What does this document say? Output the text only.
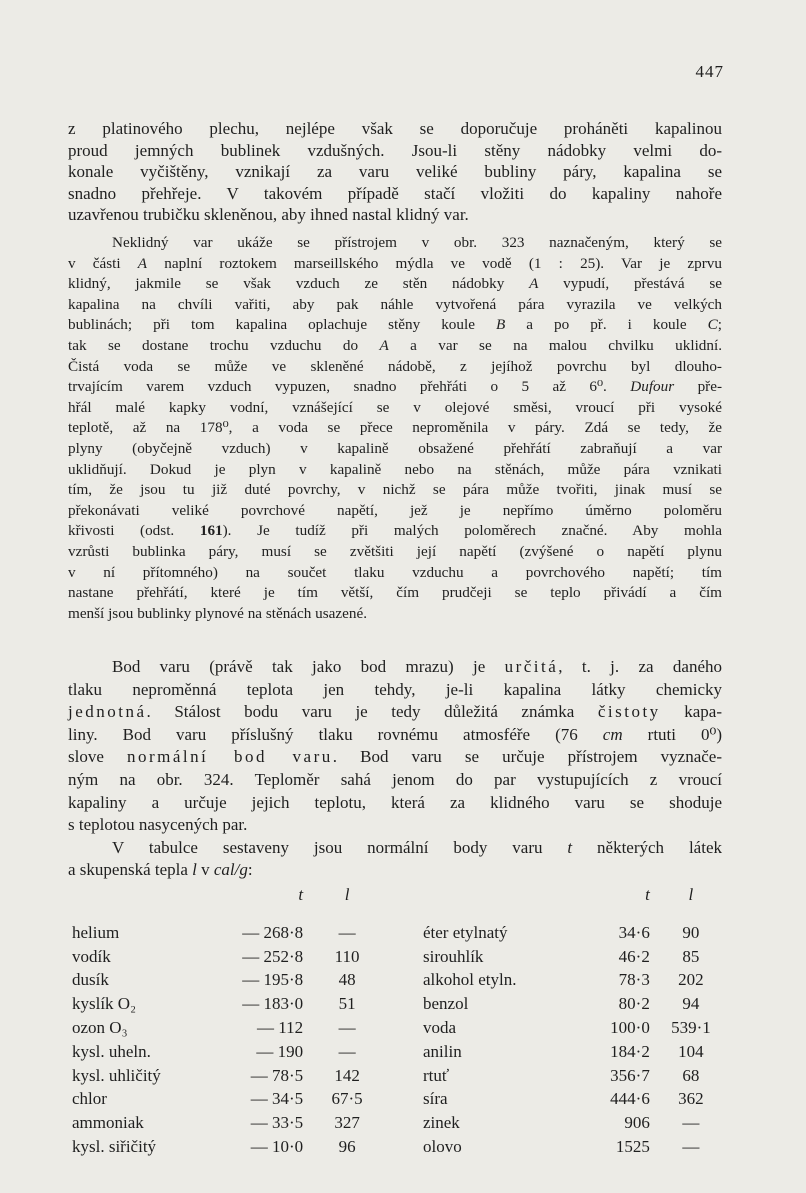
447
z platinového plechu, nejlépe však se doporučuje proháněti kapalinou
proud jemných bublinek vzdušných. Jsou-li stěny nádobky velmi do-
konale vyčištěny, vznikají za varu veliké bubliny páry, kapalina se
snadno přehřeje. V takovém případě stačí vložiti do kapaliny nahoře
uzavřenou trubičku skleněnou, aby ihned nastal klidný var.
Neklidný var ukáže se přístrojem v obr. 323 naznačeným, který se
v části A naplní roztokem marseillského mýdla ve vodě (1 : 25). Var je zprvu
klidný, jakmile se však vzduch ze stěn nádobky A vypudí, přestává se
kapalina na chvíli vařiti, aby pak náhle vytvořená pára vyrazila ve velkých
bublinách; při tom kapalina oplachuje stěny koule B a po př. i koule C;
tak se dostane trochu vzduchu do A a var se na malou chvilku uklidní.
Čistá voda se může ve skleněné nádobě, z jejíhož povrchu byl dlouho-
trvajícím varem vzduch vypuzen, snadno přehřáti o 5 až 6⁰. Dufour pře-
hřál malé kapky vodní, vznášející se v olejové směsi, vroucí při vysoké
teplotě, až na 178⁰, a voda se přece neproměnila v páry. Zdá se tedy, že
plyny (obyčejně vzduch) v kapalině obsažené přehřátí zabraňují a var
uklidňují. Dokud je plyn v kapalině nebo na stěnách, může pára vznikati
tím, že jsou tu již duté povrchy, v nichž se pára může tvořiti, jinak musí se
překonávati veliké povrchové napětí, jež je nepřímo úměrno poloměru
křivosti (odst. 161). Je tudíž při malých poloměrech značné. Aby mohla
vzrůsti bublinka páry, musí se zvětšiti její napětí (zvýšené o napětí plynu
v ní přítomného) na součet tlaku vzduchu a povrchového napětí; tím
nastane přehřátí, které je tím větší, čím prudčeji se teplo přivádí a čím
menší jsou bublinky plynové na stěnách usazené.
Bod varu (právě tak jako bod mrazu) je určitá, t. j. za daného
tlaku neproměnná teplota jen tehdy, je-li kapalina látky chemicky
jednotná. Stálost bodu varu je tedy důležitá známka čistoty kapa-
liny. Bod varu příslušný tlaku rovnému atmosféře (76 cm rtuti 0⁰)
slove normální bod varu. Bod varu se určuje přístrojem vyznače-
ným na obr. 324. Teploměr sahá jenom do par vystupujících z vroucí
kapaliny a určuje jejich teplotu, která za klidného varu se shoduje
s teplotou nasycených par.
V tabulce sestaveny jsou normální body varu t některých látek
a skupenská tepla l v cal/g:
	t	l		t	l
helium	— 268·8	—	éter etylnatý	34·6	90
vodík	— 252·8	110	sirouhlík	46·2	85
dusík	— 195·8	48	alkohol etyln.	78·3	202
kyslík O₂	— 183·0	51	benzol	80·2	94
ozon O₃	— 112	—	voda	100·0	539·1
kysl. uheln.	— 190	—	anilin	184·2	104
kysl. uhličitý	— 78·5	142	rtuť	356·7	68
chlor	— 34·5	67·5	síra	444·6	362
ammoniak	— 33·5	327	zinek	906	—
kysl. siřičitý	— 10·0	96	olovo	1525	—
